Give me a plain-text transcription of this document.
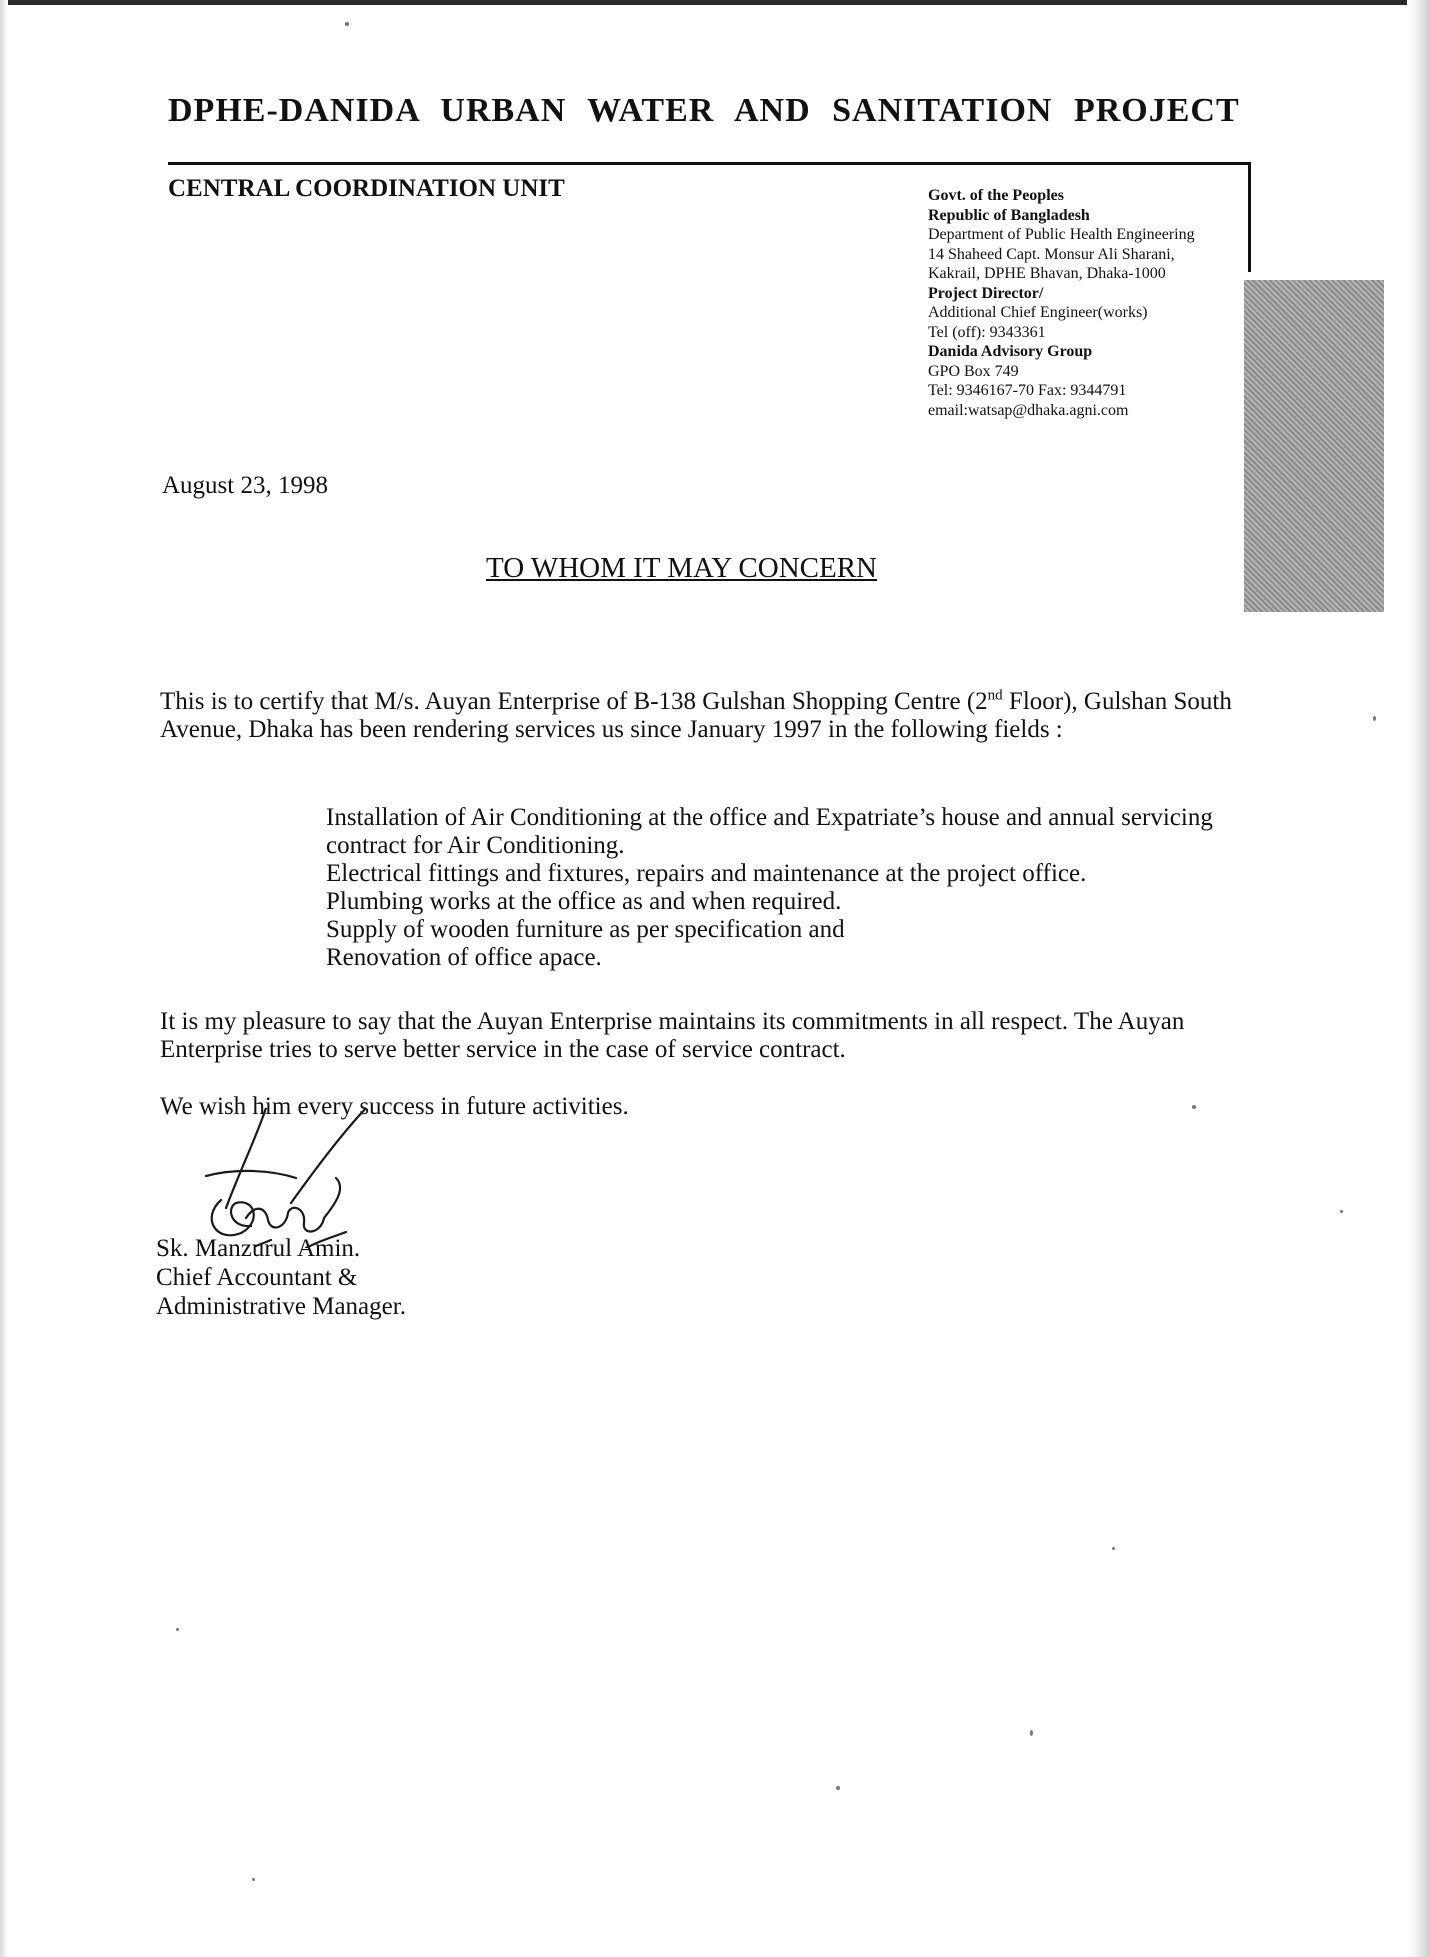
DPHE-DANIDA URBAN WATER AND SANITATION PROJECT
CENTRAL COORDINATION UNIT	Govt. of the Peoples
Republic of Bangladesh
Department of Public Health Engineering
14 Shaheed Capt. Monsur Ali Sharani,
Kakrail, DPHE Bhavan, Dhaka-1000
Project Director/
Additional Chief Engineer(works)
Tel (off): 9343361
Danida Advisory Group
GPO Box 749
Tel: 9346167-70 Fax: 9344791
email:watsap@dhaka.agni.com
August 23, 1998
TO WHOM IT MAY CONCERN
This is to certify that M/s. Auyan Enterprise of B-138 Gulshan Shopping Centre (2nd Floor), Gulshan South Avenue, Dhaka has been rendering services us since January 1997 in the following fields :
Installation of Air Conditioning at the office and Expatriate’s house and annual servicing contract for Air Conditioning.
Electrical fittings and fixtures, repairs and maintenance at the project office.
Plumbing works at the office as and when required.
Supply of wooden furniture as per specification and
Renovation of office apace.
It is my pleasure to say that the Auyan Enterprise maintains its commitments in all respect. The Auyan Enterprise tries to serve better service in the case of service contract.
We wish him every success in future activities.
Sk. Manzurul Amin.
Chief Accountant &
Administrative Manager.
